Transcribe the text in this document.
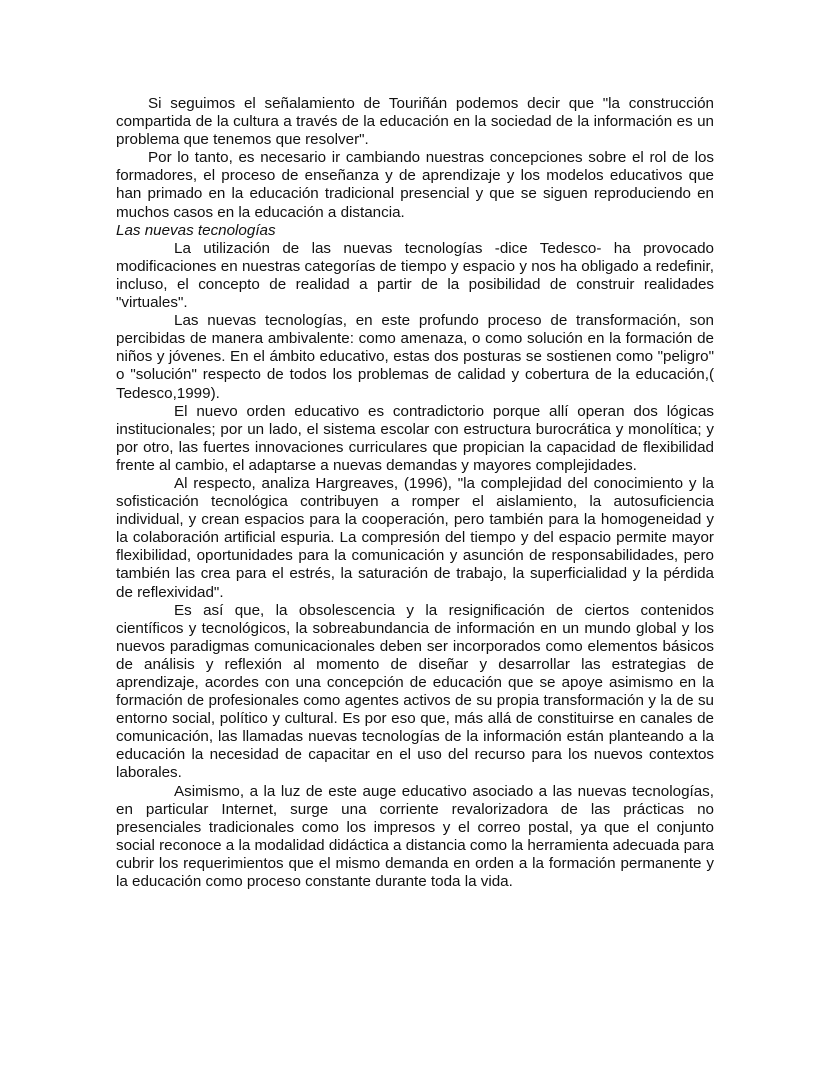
Si seguimos el señalamiento de Touriñán podemos decir que "la construcción compartida de la cultura a través de la educación en la sociedad de la información es un problema que tenemos que resolver".

Por lo tanto, es necesario ir cambiando nuestras concepciones sobre el rol de los formadores, el proceso de enseñanza y de aprendizaje y los modelos educativos que han primado en la educación tradicional presencial y que se siguen reproduciendo en muchos casos en la educación a distancia.

Las nuevas tecnologías

La utilización de las nuevas tecnologías -dice Tedesco- ha provocado modificaciones en nuestras categorías de tiempo y espacio y nos ha obligado a redefinir, incluso, el concepto de realidad a partir de la posibilidad de construir realidades "virtuales".

Las nuevas tecnologías, en este profundo proceso de transformación, son percibidas de manera ambivalente: como amenaza, o como solución en la formación de niños y jóvenes. En el ámbito educativo, estas dos posturas se sostienen como "peligro" o "solución" respecto de todos los problemas de calidad y cobertura de la educación,( Tedesco,1999).

El nuevo orden educativo es contradictorio porque allí operan dos lógicas institucionales; por un lado, el sistema escolar con estructura burocrática y monolítica; y por otro, las fuertes innovaciones curriculares que propician la capacidad de flexibilidad frente al cambio, el adaptarse a nuevas demandas y mayores complejidades.

Al respecto, analiza Hargreaves, (1996), "la complejidad del conocimiento y la sofisticación tecnológica contribuyen a romper el aislamiento, la autosuficiencia individual, y crean espacios para la cooperación, pero también para la homogeneidad y la colaboración artificial espuria. La compresión del tiempo y del espacio permite mayor flexibilidad, oportunidades para la comunicación y asunción de responsabilidades, pero también las crea para el estrés, la saturación de trabajo, la superficialidad y la pérdida de reflexividad".

Es así que, la obsolescencia y la resignificación de ciertos contenidos científicos y tecnológicos, la sobreabundancia de información en un mundo global y los nuevos paradigmas comunicacionales deben ser incorporados como elementos básicos de análisis y reflexión al momento de diseñar y desarrollar las estrategias de aprendizaje, acordes con una concepción de educación que se apoye asimismo en la formación de profesionales como agentes activos de su propia transformación y la de su entorno social, político y cultural. Es por eso que, más allá de constituirse en canales de comunicación, las llamadas nuevas tecnologías de la información están planteando a la educación la necesidad de capacitar en el uso del recurso para los nuevos contextos laborales.

Asimismo, a la luz de este auge educativo asociado a las nuevas tecnologías, en particular Internet, surge una corriente revalorizadora de las prácticas no presenciales tradicionales como los impresos y el correo postal, ya que el conjunto social reconoce a la modalidad didáctica a distancia como la herramienta adecuada para cubrir los requerimientos que el mismo demanda en orden a la formación permanente y la educación como proceso constante durante toda la vida.
